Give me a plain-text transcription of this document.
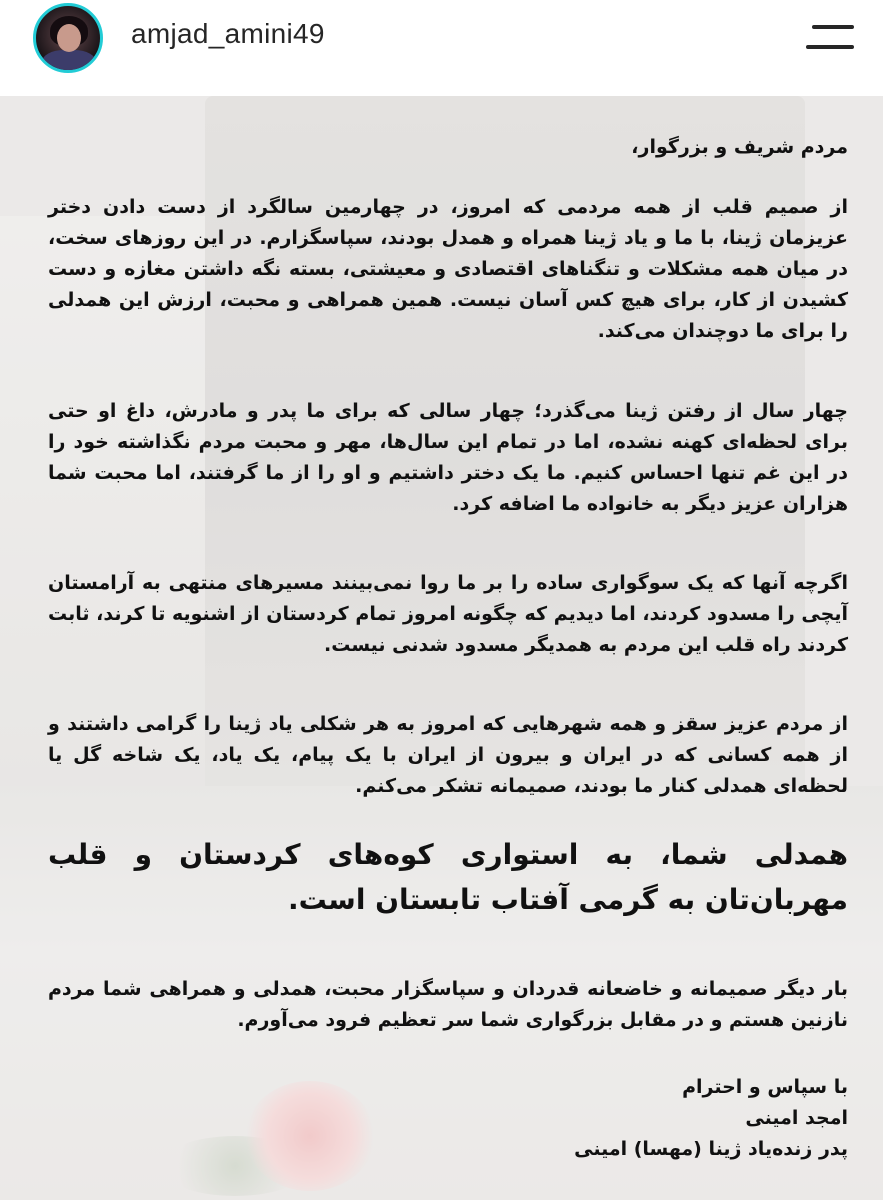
amjad_amini49
مردم شریف و بزرگوار،
از صمیم قلب از همه مردمی که امروز، در چهارمین سالگرد از دست دادن دختر عزیزمان ژینا، با ما و یاد ژینا همراه و همدل بودند، سپاسگزارم. در این روزهای سخت، در میان همه مشکلات و تنگناهای اقتصادی و معیشتی، بسته نگه داشتن مغازه و دست کشیدن از کار، برای هیچ کس آسان نیست. همین همراهی و محبت، ارزش این همدلی را برای ما دوچندان می‌کند.
چهار سال از رفتن ژینا می‌گذرد؛ چهار سالی که برای ما پدر و مادرش، داغ او حتی برای لحظه‌ای کهنه نشده، اما در تمام این سال‌ها، مهر و محبت مردم نگذاشته خود را در این غم تنها احساس کنیم. ما یک دختر داشتیم و او را از ما گرفتند، اما محبت شما هزاران عزیز دیگر به خانواده ما اضافه کرد.
اگرچه آنها که یک سوگواری ساده را بر ما روا نمی‌بینند مسیرهای منتهی به آرامستان آیچی را مسدود کردند، اما دیدیم که چگونه امروز تمام کردستان از اشنویه تا کرند، ثابت کردند راه قلب این مردم به همدیگر مسدود شدنی نیست.
از مردم عزیز سقز و همه شهرهایی که امروز به هر شکلی یاد ژینا را گرامی داشتند و از همه کسانی که در ایران و بیرون از ایران با یک پیام، یک یاد، یک شاخه گل یا لحظه‌ای همدلی کنار ما بودند، صمیمانه تشکر می‌کنم.
همدلی شما، به استواری کوه‌های کردستان و قلب مهربان‌تان به گرمی آفتاب تابستان است.
بار دیگر صمیمانه و خاضعانه قدردان و سپاسگزار محبت، همدلی و همراهی شما مردم نازنین هستم و در مقابل بزرگواری شما سر تعظیم فرود می‌آورم.
با سپاس و احترام
امجد امینی
پدر زنده‌یاد ژینا (مهسا) امینی
